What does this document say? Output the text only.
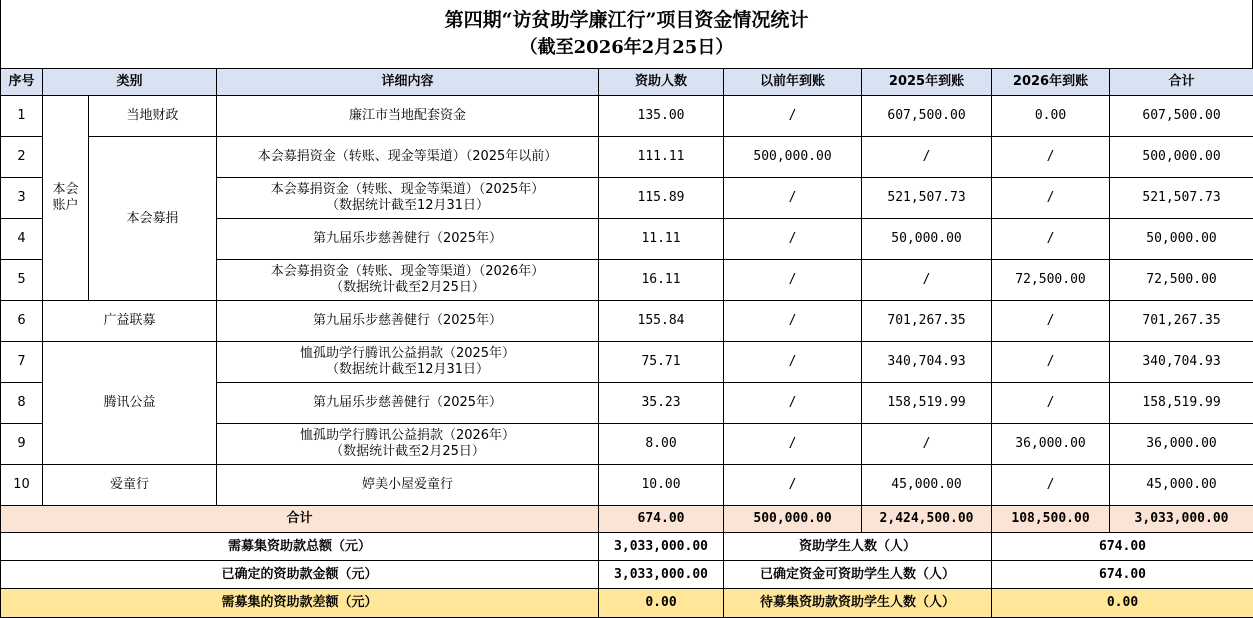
第四期“访贫助学廉江行”项目资金情况统计
（截至2026年2月25日）
序号	类别		详细内容	资助人数	以前年到账	2025年到账	2026年到账	合计
1	本会账户	当地财政	廉江市当地配套资金	135.00	/	607,500.00	0.00	607,500.00
2		本会募捐	本会募捐资金（转账、现金等渠道）（2025年以前）	111.11	500,000.00	/	/	500,000.00
3			本会募捐资金（转账、现金等渠道）（2025年）
（数据统计截至12月31日）	115.89	/	521,507.73	/	521,507.73
4			第九届乐步慈善健行（2025年）	11.11	/	50,000.00	/	50,000.00
5			本会募捐资金（转账、现金等渠道）（2026年）
（数据统计截至2月25日）	16.11	/	/	72,500.00	72,500.00
6	广益联募		第九届乐步慈善健行（2025年）	155.84	/	701,267.35	/	701,267.35
7	腾讯公益		恤孤助学行腾讯公益捐款（2025年）
（数据统计截至12月31日）	75.71	/	340,704.93	/	340,704.93
8			第九届乐步慈善健行（2025年）	35.23	/	158,519.99	/	158,519.99
9			恤孤助学行腾讯公益捐款（2026年）
（数据统计截至2月25日）	8.00	/	/	36,000.00	36,000.00
10	爱童行		婷美小屋爱童行	10.00	/	45,000.00	/	45,000.00
合计				674.00	500,000.00	2,424,500.00	108,500.00	3,033,000.00
需募集资助款总额（元）				3,033,000.00	资助学生人数（人）		674.00	
已确定的资助款金额（元）				3,033,000.00	已确定资金可资助学生人数（人）		674.00	
需募集的资助款差额（元）				0.00	待募集资助款资助学生人数（人）		0.00	
